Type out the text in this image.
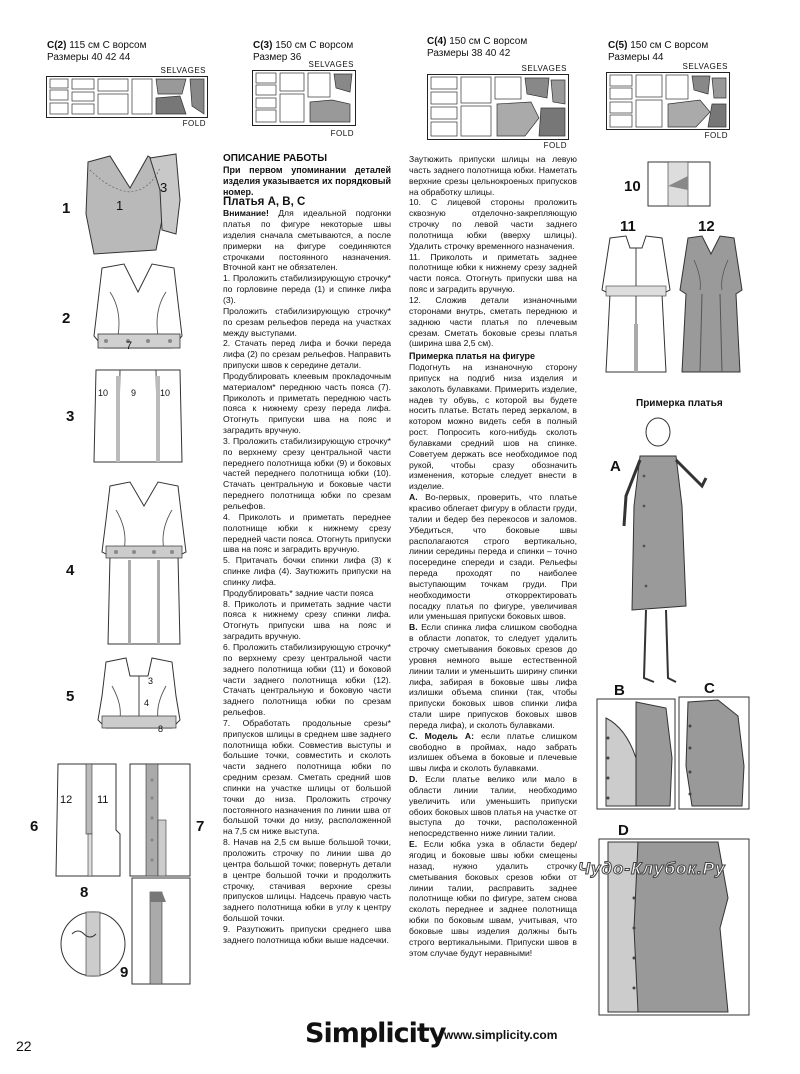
C(2) 115 см С ворсом
Размеры 40 42 44
C(3) 150 см С ворсом
Размер 36
C(4) 150 см С ворсом
Размеры 38 40 42
C(5) 150 см С ворсом
Размеры 44
SELVAGES
FOLD
SELVAGES
FOLD
SELVAGES
FOLD
SELVAGES
FOLD
1	1
3
2
7
3
10	9	10
4
5
3
4
8
6
12 11
7
8
9

ОПИСАНИЕ РАБОТЫ

При первом упоминании деталей изделия указывается их порядковый номер.

Платья А, В, С

Внимание! Для идеальной подгонки платья по фигуре некоторые швы изделия сначала сметываются, а после примерки на фигуре соединяются строчками постоянного назначения. Вточной кант не обязателен.

1. Проложить стабилизирующую строчку* по горловине переда (1) и спинке лифа (3).

Проложить стабилизирующую строчку* по срезам рельефов переда на участках между выступами.

2. Стачать перед лифа и бочки переда лифа (2) по срезам рельефов. Направить припуски швов к середине детали.

Продублировать клеевым прокладочным материалом* переднюю часть пояса (7). Приколоть и приметать переднюю часть пояса к нижнему срезу переда лифа. Отогнуть припуски шва на пояс и заградить вручную.

3. Проложить стабилизирующую строчку* по верхнему срезу центральной части переднего полотнища юбки (9) и боковых частей переднего полотнища юбки (10). Стачать центральную и боковые части переднего полотнища юбки по срезам рельефов.

4. Приколоть и приметать переднее полотнище юбки к нижнему срезу передней части пояса. Отогнуть припуски шва на пояс и заградить вручную.

5. Притачать бочки спинки лифа (3) к спинке лифа (4). Заутюжить припуски на спинку лифа.

Продублировать* задние части пояса

8. Приколоть и приметать задние части пояса к нижнему срезу спинки лифа. Отогнуть припуски шва на пояс и заградить вручную.

6. Проложить стабилизирующую строчку* по верхнему срезу центральной части заднего полотнища юбки (11) и боковой части заднего полотнища юбки (12). Стачать центральную и боковую части заднего полотнища юбки по срезам рельефов.

7. Обработать продольные срезы* припусков шлицы в среднем шве заднего полотнища юбки. Совместив выступы и большие точки, совместить и сколоть части заднего полотнища юбки по средним срезам. Сметать средний шов спинки на участке шлицы от большой точки до низа. Проложить строчку постоянного назначения по линии шва от большой точки до низу, расположенной на 7,5 см ниже выступа.

8. Начав на 2,5 см выше большой точки, проложить строчку по линии шва до центра большой точки; повернуть детали в центре большой точки и продолжить строчку, стачивая верхние срезы припусков шлицы. Надсечь правую часть заднего полотнища юбки в углу к центру большой точки.

9. Разутюжить припуски среднего шва заднего полотнища юбки выше надсечки.

Заутюжить припуски шлицы на левую часть заднего полотнища юбки. Наметать верхние срезы цельнокроеных припусков на обработку шлицы.

10. С лицевой стороны проложить сквозную отделочно-закрепляющую строчку по левой части заднего полотнища юбки (вверху шлицы). Удалить строчку временного назначения.

11. Приколоть и приметать заднее полотнище юбки к нижнему срезу задней части пояса. Отогнуть припуски шва на пояс и заградить вручную.

12. Сложив детали изнаночными сторонами внутрь, сметать переднюю и заднюю части платья по плечевым срезам. Сметать боковые срезы платья (ширина шва 2,5 см).

Примерка платья на фигуре

Подогнуть на изнаночную сторону припуск на подгиб низа изделия и заколоть булавками. Примерить изделие, надев ту обувь, с которой вы будете носить платье. Встать перед зеркалом, в котором можно видеть себя в полный рост. Попросить кого-нибудь сколоть булавками средний шов на спинке. Советуем держать все необходимое под рукой, чтобы сразу обозначить изменения, которые следует внести в изделие.

А. Во-первых, проверить, что платье красиво облегает фигуру в области груди, талии и бедер без перекосов и заломов. Убедиться, что боковые швы располагаются строго вертикально, линии середины переда и спинки – точно посередине спереди и сзади. Рельефы переда проходят по наиболее выступающим точкам груди. При необходимости откорректировать посадку платья по фигуре, увеличивая или уменьшая припуски боковых швов.

В. Если спинка лифа слишком свободна в области лопаток, то следует удалить строчку сметывания боковых срезов до уровня немного выше естественной линии талии и уменьшить ширину спинки лифа, забирая в боковые швы лифа излишки объема спинки (так, чтобы припуски боковых швов спинки лифа стали шире припусков боковых швов переда лифа), и сколоть булавками.

С. Модель А: если платье слишком свободно в проймах, надо забрать излишек объема в боковые и плечевые швы лифа и сколоть булавками.

D. Если платье велико или мало в области линии талии, необходимо увеличить или уменьшить припуски обоих боковых швов платья на участке от выступа до точки, расположенной непосредственно ниже линии талии.

Е. Если юбка узка в области бедер/ягодиц и боковые швы юбки смещены назад, нужно удалить строчку сметывания боковых срезов юбки от линии талии, расправить заднее полотнище юбки по фигуре, затем снова сколоть переднее и заднее полотнища юбки по боковым швам, учитывая, что боковые швы изделия должны быть строго вертикальными. Припуски швов в этом случае будут неравными!

10
11	12
Примерка платья
A
B	C
D
Чудо-Клубок.Ру
22	Simplicity
www.simplicity.com
